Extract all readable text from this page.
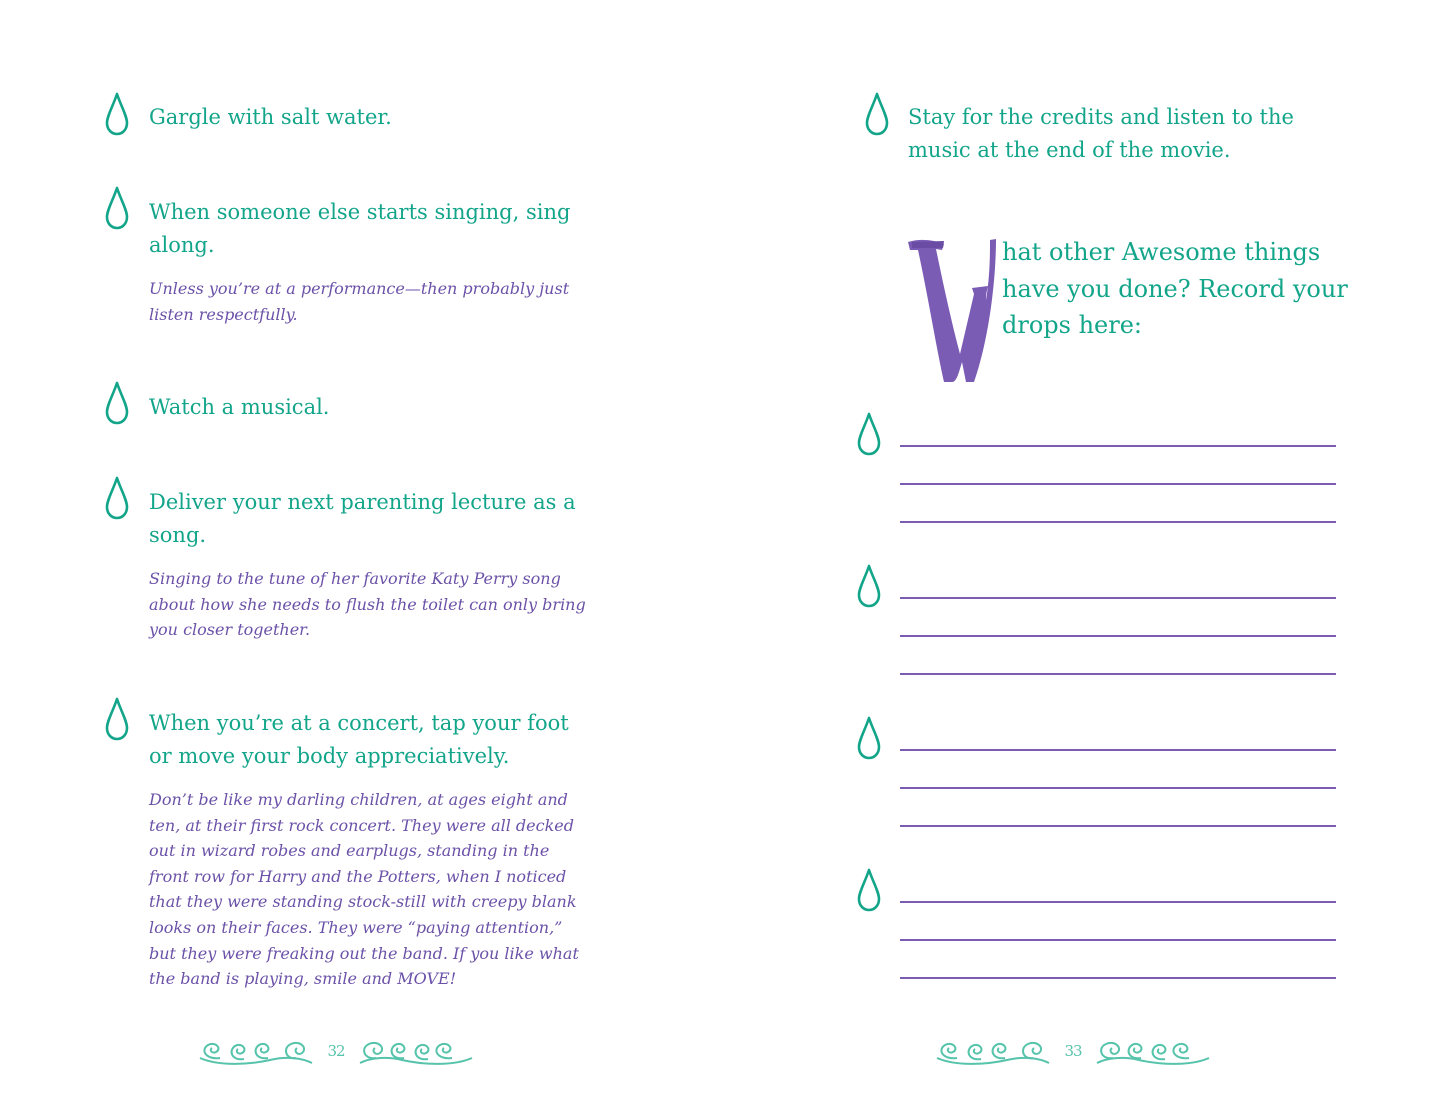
Gargle with salt water.

When someone else starts singing, sing along.

Unless you’re at a performance—then probably just listen respectfully.

Watch a musical.

Deliver your next parenting lecture as a song.

Singing to the tune of her favorite Katy Perry song about how she needs to flush the toilet can only bring you closer together.

When you’re at a concert, tap your foot or move your body appreciatively.

Don’t be like my darling children, at ages eight and ten, at their first rock concert. They were all decked out in wizard robes and earplugs, standing in the front row for Harry and the Potters, when I noticed that they were standing stock-still with creepy blank looks on their faces. They were “paying attention,” but they were freaking out the band. If you like what the band is playing, smile and MOVE!

32

Stay for the credits and listen to the music at the end of the movie.

hat other Awesome things have you done? Record your drops here:

33
